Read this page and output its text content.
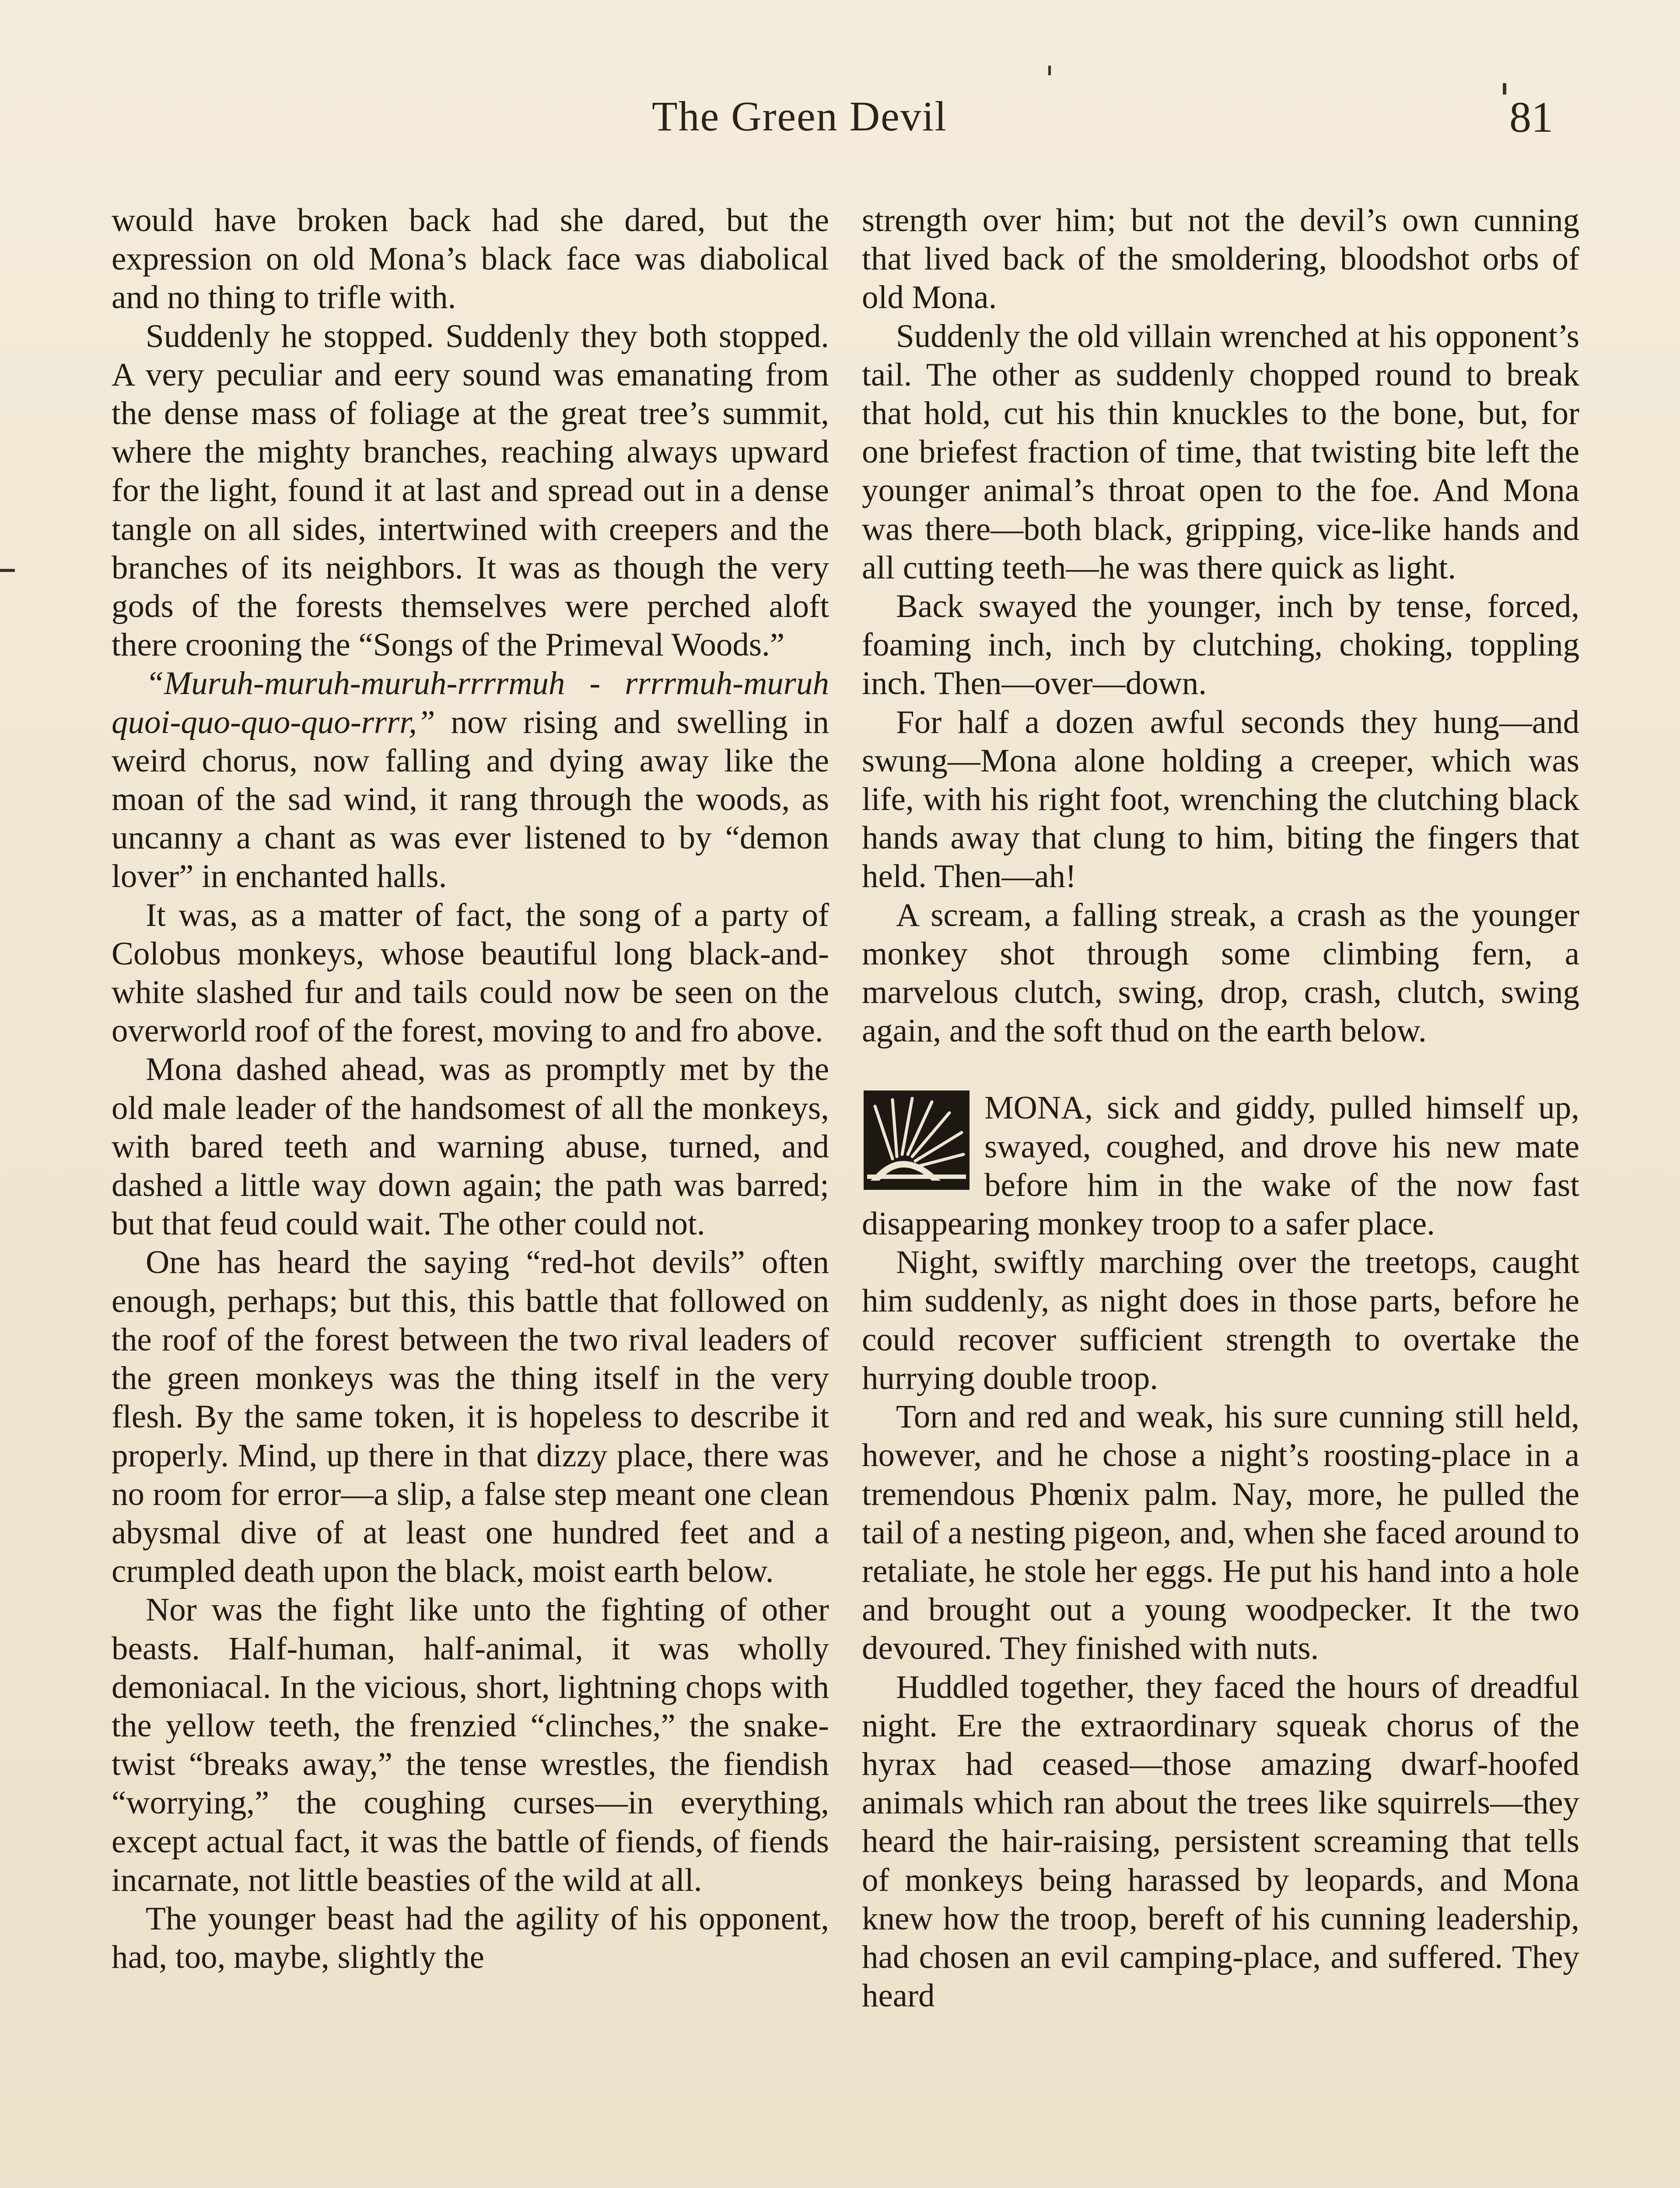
The Green Devil	81

would have broken back had she dared, but the expression on old Mona’s black face was diabolical and no thing to trifle with.

Suddenly he stopped. Suddenly they both stopped. A very peculiar and eery sound was emanating from the dense mass of foliage at the great tree’s summit, where the mighty branches, reaching always upward for the light, found it at last and spread out in a dense tangle on all sides, intertwined with creepers and the branches of its neighbors. It was as though the very gods of the forests themselves were perched aloft there crooning the “Songs of the Primeval Woods.”

“Muruh-muruh-muruh-rrrrmuh - rrrrmuh-muruh quoi-quo-quo-quo-rrrr,” now rising and swelling in weird chorus, now falling and dying away like the moan of the sad wind, it rang through the woods, as uncanny a chant as was ever listened to by “demon lover” in enchanted halls.

It was, as a matter of fact, the song of a party of Colobus monkeys, whose beautiful long black-and-white slashed fur and tails could now be seen on the overworld roof of the forest, moving to and fro above.

Mona dashed ahead, was as promptly met by the old male leader of the handsomest of all the monkeys, with bared teeth and warning abuse, turned, and dashed a little way down again; the path was barred; but that feud could wait. The other could not.

One has heard the saying “red-hot devils” often enough, perhaps; but this, this battle that followed on the roof of the forest between the two rival leaders of the green monkeys was the thing itself in the very flesh. By the same token, it is hopeless to describe it properly. Mind, up there in that dizzy place, there was no room for error—a slip, a false step meant one clean abysmal dive of at least one hundred feet and a crumpled death upon the black, moist earth below.

Nor was the fight like unto the fighting of other beasts. Half-human, half-animal, it was wholly demoniacal. In the vicious, short, lightning chops with the yellow teeth, the frenzied “clinches,” the snake-twist “breaks away,” the tense wrestles, the fiendish “worrying,” the coughing curses—in everything, except actual fact, it was the battle of fiends, of fiends incarnate, not little beasties of the wild at all.

The younger beast had the agility of his opponent, had, too, maybe, slightly the

strength over him; but not the devil’s own cunning that lived back of the smoldering, bloodshot orbs of old Mona.

Suddenly the old villain wrenched at his opponent’s tail. The other as suddenly chopped round to break that hold, cut his thin knuckles to the bone, but, for one briefest fraction of time, that twisting bite left the younger animal’s throat open to the foe. And Mona was there—both black, gripping, vice-like hands and all cutting teeth—he was there quick as light.

Back swayed the younger, inch by tense, forced, foaming inch, inch by clutching, choking, toppling inch. Then—over—down.

For half a dozen awful seconds they hung—and swung—Mona alone holding a creeper, which was life, with his right foot, wrenching the clutching black hands away that clung to him, biting the fingers that held. Then—ah!

A scream, a falling streak, a crash as the younger monkey shot through some climbing fern, a marvelous clutch, swing, drop, crash, clutch, swing again, and the soft thud on the earth below.

MONA, sick and giddy, pulled himself up, swayed, coughed, and drove his new mate before him in the wake of the now fast disappearing monkey troop to a safer place.

Night, swiftly marching over the treetops, caught him suddenly, as night does in those parts, before he could recover sufficient strength to overtake the hurrying double troop.

Torn and red and weak, his sure cunning still held, however, and he chose a night’s roosting-place in a tremendous Phœnix palm. Nay, more, he pulled the tail of a nesting pigeon, and, when she faced around to retaliate, he stole her eggs. He put his hand into a hole and brought out a young woodpecker. It the two devoured. They finished with nuts.

Huddled together, they faced the hours of dreadful night. Ere the extraordinary squeak chorus of the hyrax had ceased—those amazing dwarf-hoofed animals which ran about the trees like squirrels—they heard the hair-raising, persistent screaming that tells of monkeys being harassed by leopards, and Mona knew how the troop, bereft of his cunning leadership, had chosen an evil camping-place, and suffered. They heard
